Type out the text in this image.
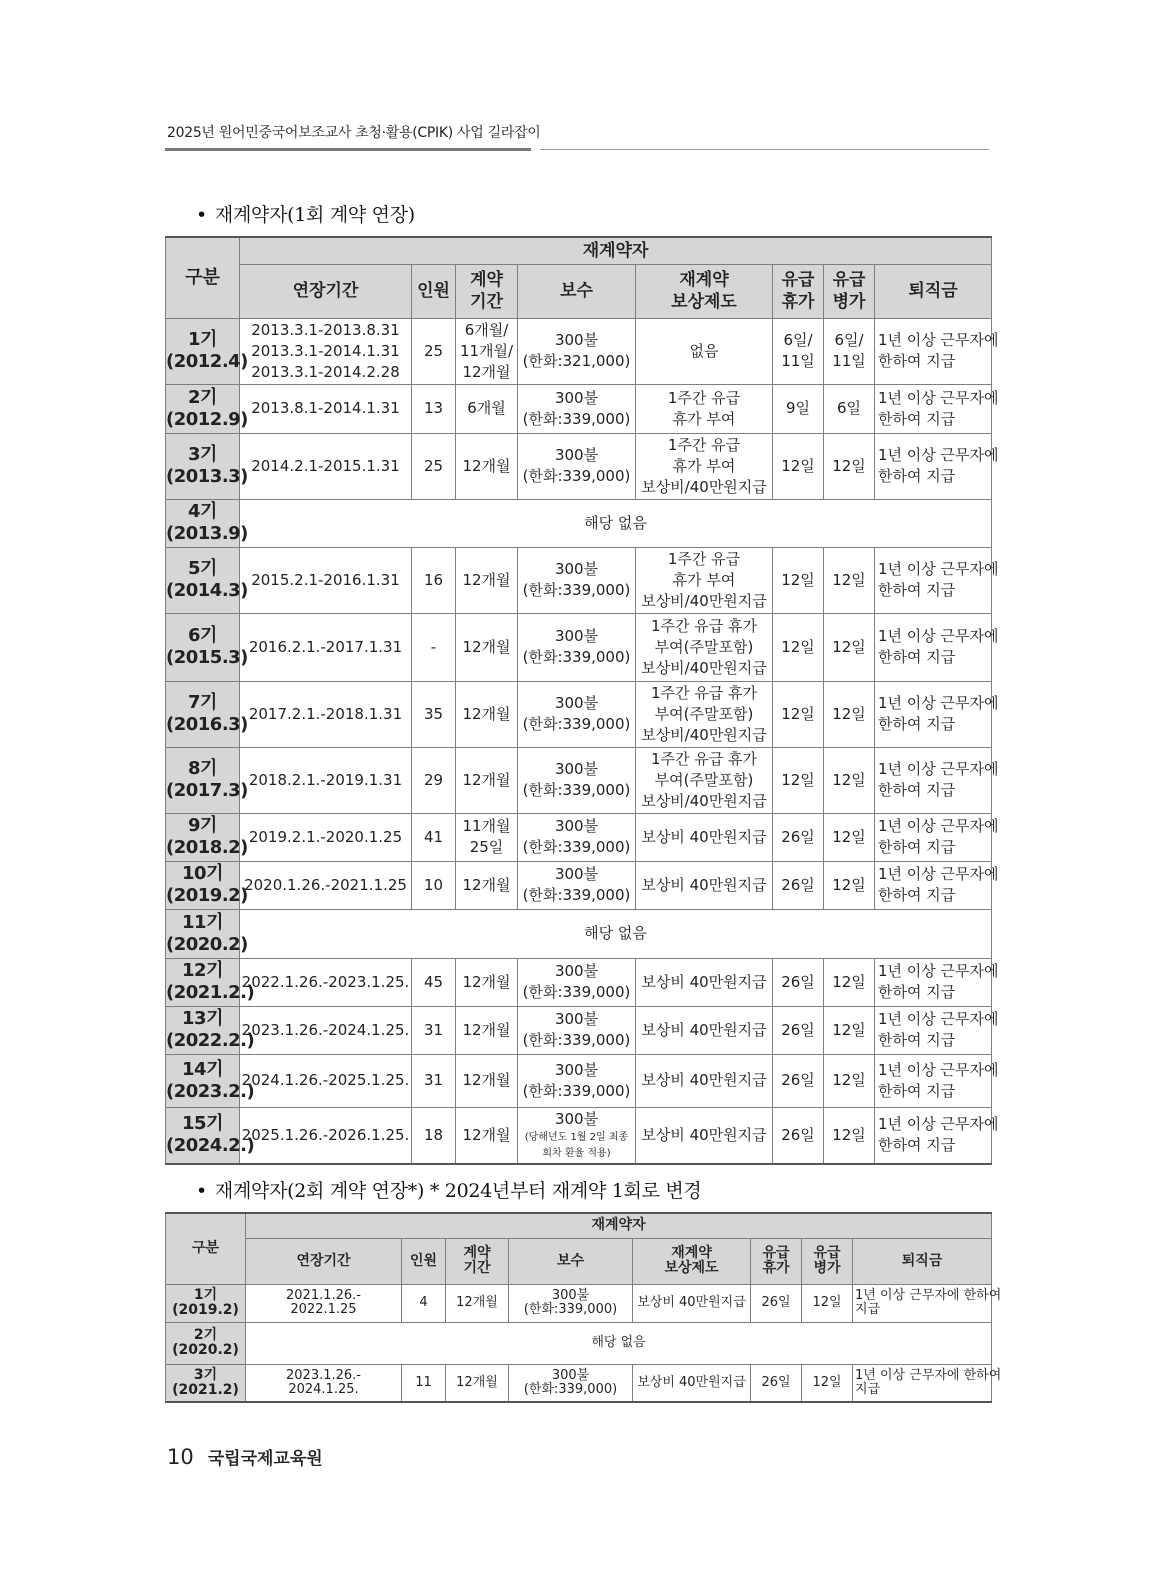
2025년 원어민중국어보조교사 초청·활용(CPIK) 사업 길라잡이
• 재계약자(1회 계약 연장)
구분	재계약자							
	연장기간	인원	계약
기간	보수	재계약
보상제도	유급
휴가	유급
병가	퇴직금

1기
(2012.4)	2013.3.1-2013.8.31
2013.3.1-2014.1.31
2013.3.1-2014.2.28	25	6개월/
11개월/
12개월	300불
(한화:321,000)	없음	6일/
11일	6일/
11일	1년 이상 근무자에
한하여 지급

2기
(2012.9)	2013.8.1-2014.1.31	13	6개월	300불
(한화:339,000)	1주간 유급
휴가 부여	9일	6일	1년 이상 근무자에
한하여 지급

3기
(2013.3)	2014.2.1-2015.1.31	25	12개월	300불
(한화:339,000)	1주간 유급
휴가 부여
보상비/40만원지급	12일	12일	1년 이상 근무자에
한하여 지급

4기
(2013.9)	해당 없음							

5기
(2014.3)	2015.2.1-2016.1.31	16	12개월	300불
(한화:339,000)	1주간 유급
휴가 부여
보상비/40만원지급	12일	12일	1년 이상 근무자에
한하여 지급

6기
(2015.3)	2016.2.1.-2017.1.31	-	12개월	300불
(한화:339,000)	1주간 유급 휴가
부여(주말포함)
보상비/40만원지급	12일	12일	1년 이상 근무자에
한하여 지급

7기
(2016.3)	2017.2.1.-2018.1.31	35	12개월	300불
(한화:339,000)	1주간 유급 휴가
부여(주말포함)
보상비/40만원지급	12일	12일	1년 이상 근무자에
한하여 지급

8기
(2017.3)	2018.2.1.-2019.1.31	29	12개월	300불
(한화:339,000)	1주간 유급 휴가
부여(주말포함)
보상비/40만원지급	12일	12일	1년 이상 근무자에
한하여 지급

9기
(2018.2)	2019.2.1.-2020.1.25	41	11개월
25일	300불
(한화:339,000)	보상비 40만원지급	26일	12일	1년 이상 근무자에
한하여 지급

10기
(2019.2)	2020.1.26.-2021.1.25	10	12개월	300불
(한화:339,000)	보상비 40만원지급	26일	12일	1년 이상 근무자에
한하여 지급

11기
(2020.2)	해당 없음							

12기
(2021.2.)	2022.1.26.-2023.1.25.	45	12개월	300불
(한화:339,000)	보상비 40만원지급	26일	12일	1년 이상 근무자에
한하여 지급

13기
(2022.2.)	2023.1.26.-2024.1.25.	31	12개월	300불
(한화:339,000)	보상비 40만원지급	26일	12일	1년 이상 근무자에
한하여 지급

14기
(2023.2.)	2024.1.26.-2025.1.25.	31	12개월	300불
(한화:339,000)	보상비 40만원지급	26일	12일	1년 이상 근무자에
한하여 지급

15기
(2024.2.)	2025.1.26.-2026.1.25.	18	12개월	300불
(당해년도 1월 2일 최종
회차 환율 적용)	보상비 40만원지급	26일	12일	1년 이상 근무자에
한하여 지급
• 재계약자(2회 계약 연장*) * 2024년부터 재계약 1회로 변경
구분	재계약자							
	연장기간	인원	계약
기간	보수	재계약
보상제도	유급
휴가	유급
병가	퇴직금

1기
(2019.2)	2021.1.26.-
2022.1.25	4	12개월	300불
(한화:339,000)	보상비 40만원지급	26일	12일	1년 이상 근무자에 한하여
지급

2기
(2020.2)	해당 없음							

3기
(2021.2)	2023.1.26.-
2024.1.25.	11	12개월	300불
(한화:339,000)	보상비 40만원지급	26일	12일	1년 이상 근무자에 한하여
지급
10 국립국제교육원
